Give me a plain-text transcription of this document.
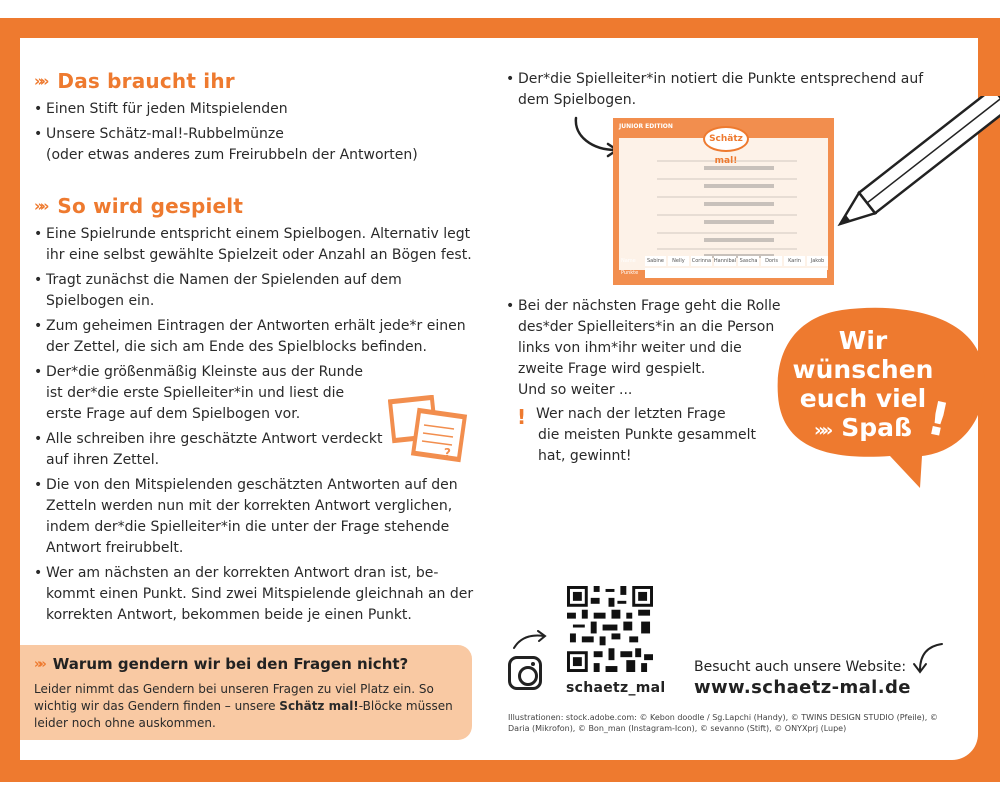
»» Das braucht ihr
• Einen Stift für jeden Mitspielenden
• Unsere Schätz-mal!-Rubbelmünze
(oder etwas anderes zum Freirubbeln der Antworten)
»» So wird gespielt
• Eine Spielrunde entspricht einem Spielbogen. Alternativ legt ihr eine selbst gewählte Spielzeit oder Anzahl an Bögen fest.
• Tragt zunächst die Namen der Spielenden auf dem Spielbogen ein.
• Zum geheimen Eintragen der Antworten erhält jede*r einen der Zettel, die sich am Ende des Spielblocks befinden.
• Der*die größenmäßig Kleinste aus der Runde ist der*die erste Spielleiter*in und liest die erste Frage auf dem Spielbogen vor.
• Alle schreiben ihre geschätzte Antwort verdeckt auf ihren Zettel.
• Die von den Mitspielenden geschätzten Antworten auf den Zetteln werden nun mit der korrekten Antwort verglichen, indem der*die Spielleiter*in die unter der Frage stehende Antwort freirubbelt.
• Wer am nächsten an der korrekten Antwort dran ist, be-kommt einen Punkt. Sind zwei Mitspielende gleichnah an der korrekten Antwort, bekommen beide je einen Punkt.
?
»» Warum gendern wir bei den Fragen nicht?
Leider nimmt das Gendern bei unseren Fragen zu viel Platz ein. So wichtig wir das Gendern finden – unsere Schätz mal!-Blöcke müssen leider noch ohne auskommen.
• Der*die Spielleiter*in notiert die Punkte entsprechend auf dem Spielbogen.
JUNIOR EDITION
Schätz mal!
Sabine	Nelly	Corinna Hannibal Sascha	Doris	Karin	Jakob
Name
Punkte
• Bei der nächsten Frage geht die Rolle
des*der Spielleiters*in an die Person
links von ihm*ihr weiter und die
zweite Frage wird gespielt.
Und so weiter ...
! Wer nach der letzten Frage
die meisten Punkte gesammelt
hat, gewinnt!
Wir
wünschen
euch viel
»» Spaß !
schaetz_mal
Besucht auch unsere Website:
www.schaetz-mal.de
Illustrationen: stock.adobe.com: © Kebon doodle / Sg.Lapchi (Handy), © TWINS DESIGN STUDIO (Pfeile), © Daria (Mikrofon), © Bon_man (Instagram-Icon), © sevanno (Stift), © ONYXprj (Lupe)
